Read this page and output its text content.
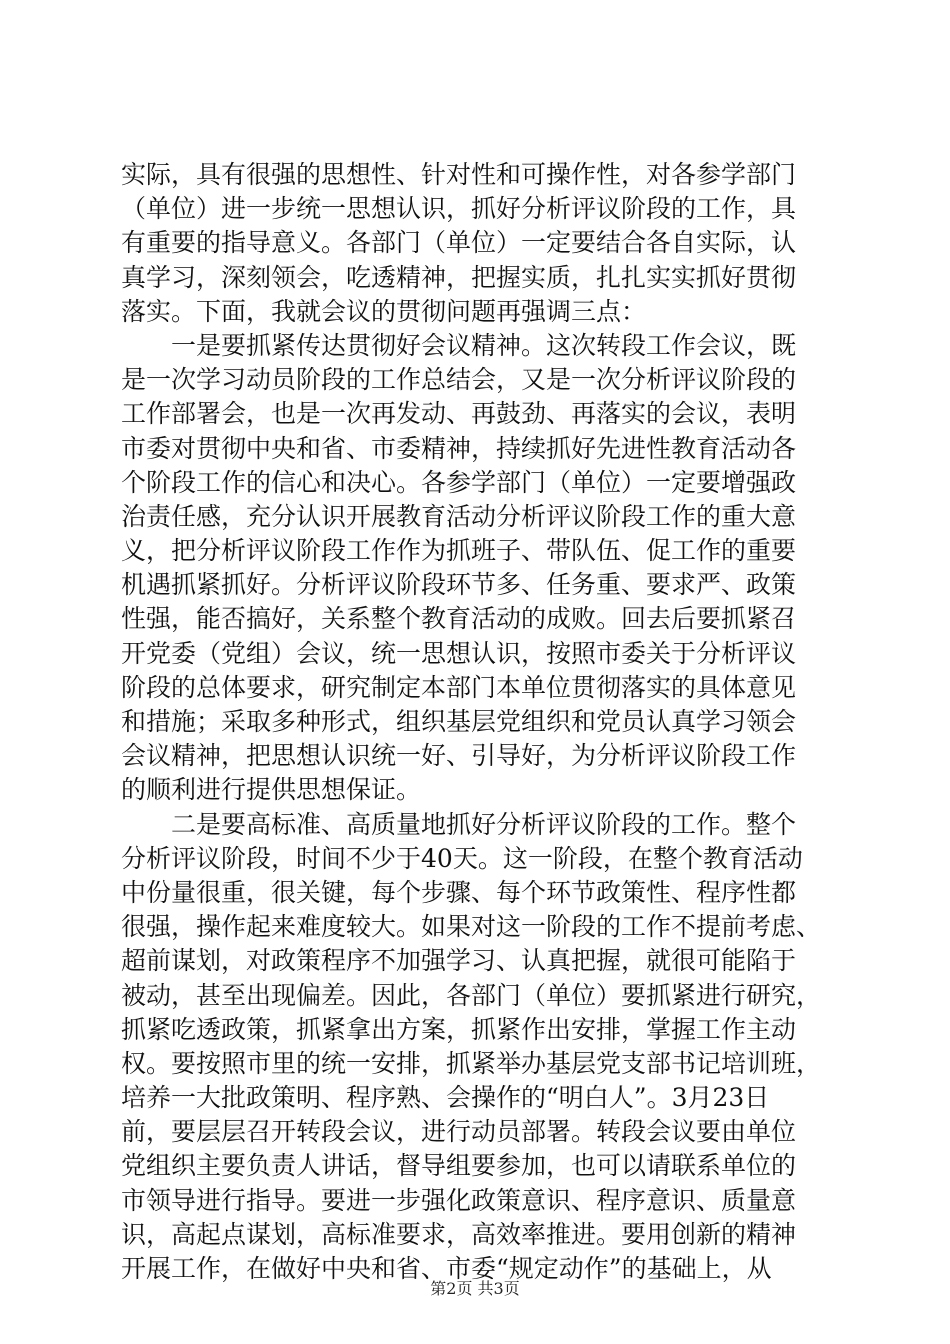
实际，具有很强的思想性、针对性和可操作性，对各参学部门
（单位）进一步统一思想认识，抓好分析评议阶段的工作，具
有重要的指导意义。各部门（单位）一定要结合各自实际，认
真学习，深刻领会，吃透精神，把握实质，扎扎实实抓好贯彻
落实。下面，我就会议的贯彻问题再强调三点：
一是要抓紧传达贯彻好会议精神。这次转段工作会议，既
是一次学习动员阶段的工作总结会，又是一次分析评议阶段的
工作部署会，也是一次再发动、再鼓劲、再落实的会议，表明
市委对贯彻中央和省、市委精神，持续抓好先进性教育活动各
个阶段工作的信心和决心。各参学部门（单位）一定要增强政
治责任感，充分认识开展教育活动分析评议阶段工作的重大意
义，把分析评议阶段工作作为抓班子、带队伍、促工作的重要
机遇抓紧抓好。分析评议阶段环节多、任务重、要求严、政策
性强，能否搞好，关系整个教育活动的成败。回去后要抓紧召
开党委（党组）会议，统一思想认识，按照市委关于分析评议
阶段的总体要求，研究制定本部门本单位贯彻落实的具体意见
和措施；采取多种形式，组织基层党组织和党员认真学习领会
会议精神，把思想认识统一好、引导好，为分析评议阶段工作
的顺利进行提供思想保证。
二是要高标准、高质量地抓好分析评议阶段的工作。整个
分析评议阶段，时间不少于40天。这一阶段，在整个教育活动
中份量很重，很关键，每个步骤、每个环节政策性、程序性都
很强，操作起来难度较大。如果对这一阶段的工作不提前考虑、
超前谋划，对政策程序不加强学习、认真把握，就很可能陷于
被动，甚至出现偏差。因此，各部门（单位）要抓紧进行研究，
抓紧吃透政策，抓紧拿出方案，抓紧作出安排，掌握工作主动
权。要按照市里的统一安排，抓紧举办基层党支部书记培训班，
培养一大批政策明、程序熟、会操作的“明白人”。3月23日
前，要层层召开转段会议，进行动员部署。转段会议要由单位
党组织主要负责人讲话，督导组要参加，也可以请联系单位的
市领导进行指导。要进一步强化政策意识、程序意识、质量意
识，高起点谋划，高标准要求，高效率推进。要用创新的精神
开展工作，在做好中央和省、市委“规定动作”的基础上，从
第2页 共3页
